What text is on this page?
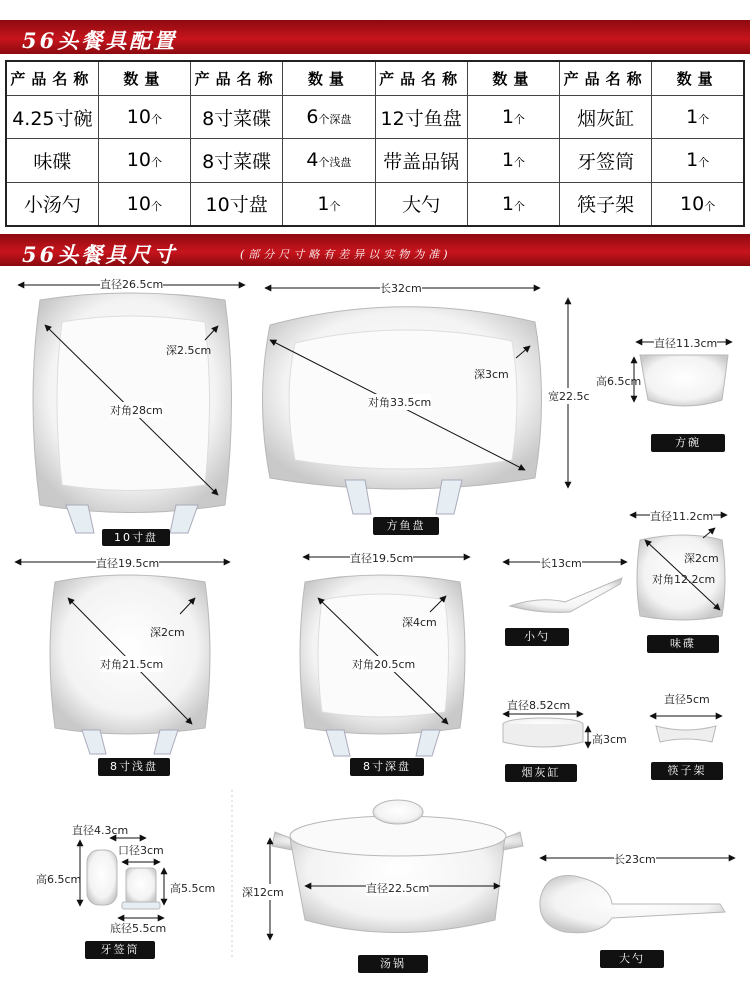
56头餐具配置
产品名称	数量	产品名称	数量	产品名称	数量	产品名称	数量
4.25寸碗	10个	8寸菜碟	6个深盘	12寸鱼盘	1个	烟灰缸	1个
味碟	10个	8寸菜碟	4个浅盘	带盖品锅	1个	牙签筒	1个
小汤勺	10个	10寸盘	1个	大勺	1个	筷子架	10个
56头餐具尺寸	(部分尺寸略有差异以实物为准)
直径26.5cm
深2.5cm
对角28cm
10寸盘
长32cm
深3cm
对角33.5cm	宽22.5c
方鱼盘
直径11.3cm
高6.5cm
方碗
直径19.5cm
深2cm
对角21.5cm
8寸浅盘
直径19.5cm
深4cm
对角20.5cm
8寸深盘
长13cm
小勺
直径11.2cm
深2cm
对角12.2cm
味碟
直径8.52cm
高3cm
烟灰缸
直径5cm
筷子架
直径4.3cm
口径3cm
高6.5cm
高5.5cm
底径5.5cm
牙签筒
深12cm	直径22.5cm
汤锅
长23cm
大勺
